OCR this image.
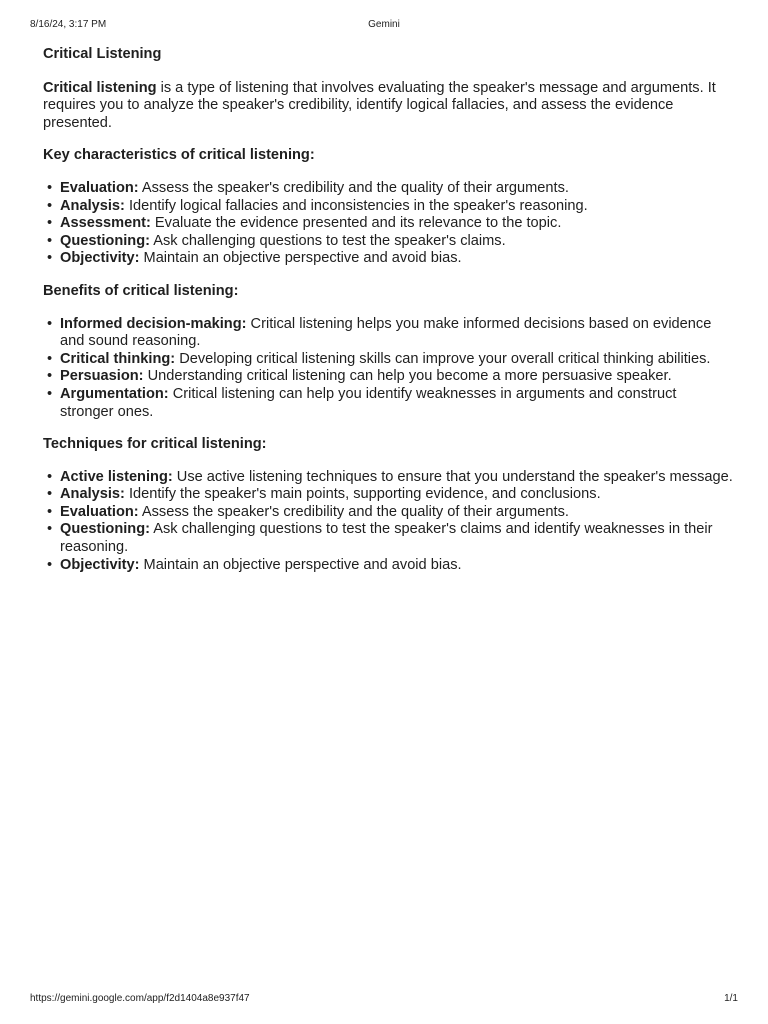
8/16/24, 3:17 PM	Gemini

Critical Listening

Critical listening is a type of listening that involves evaluating the speaker's message and arguments. It requires you to analyze the speaker's credibility, identify logical fallacies, and assess the evidence presented.

Key characteristics of critical listening:
• Evaluation: Assess the speaker's credibility and the quality of their arguments.
• Analysis: Identify logical fallacies and inconsistencies in the speaker's reasoning.
• Assessment: Evaluate the evidence presented and its relevance to the topic.
• Questioning: Ask challenging questions to test the speaker's claims.
• Objectivity: Maintain an objective perspective and avoid bias.
Benefits of critical listening:
• Informed decision-making: Critical listening helps you make informed decisions based on evidence and sound reasoning.
• Critical thinking: Developing critical listening skills can improve your overall critical thinking abilities.
• Persuasion: Understanding critical listening can help you become a more persuasive speaker.
• Argumentation: Critical listening can help you identify weaknesses in arguments and construct stronger ones.
Techniques for critical listening:
• Active listening: Use active listening techniques to ensure that you understand the speaker's message.
• Analysis: Identify the speaker's main points, supporting evidence, and conclusions.
• Evaluation: Assess the speaker's credibility and the quality of their arguments.
• Questioning: Ask challenging questions to test the speaker's claims and identify weaknesses in their reasoning.
• Objectivity: Maintain an objective perspective and avoid bias.
https://gemini.google.com/app/f2d1404a8e937f47	1/1
